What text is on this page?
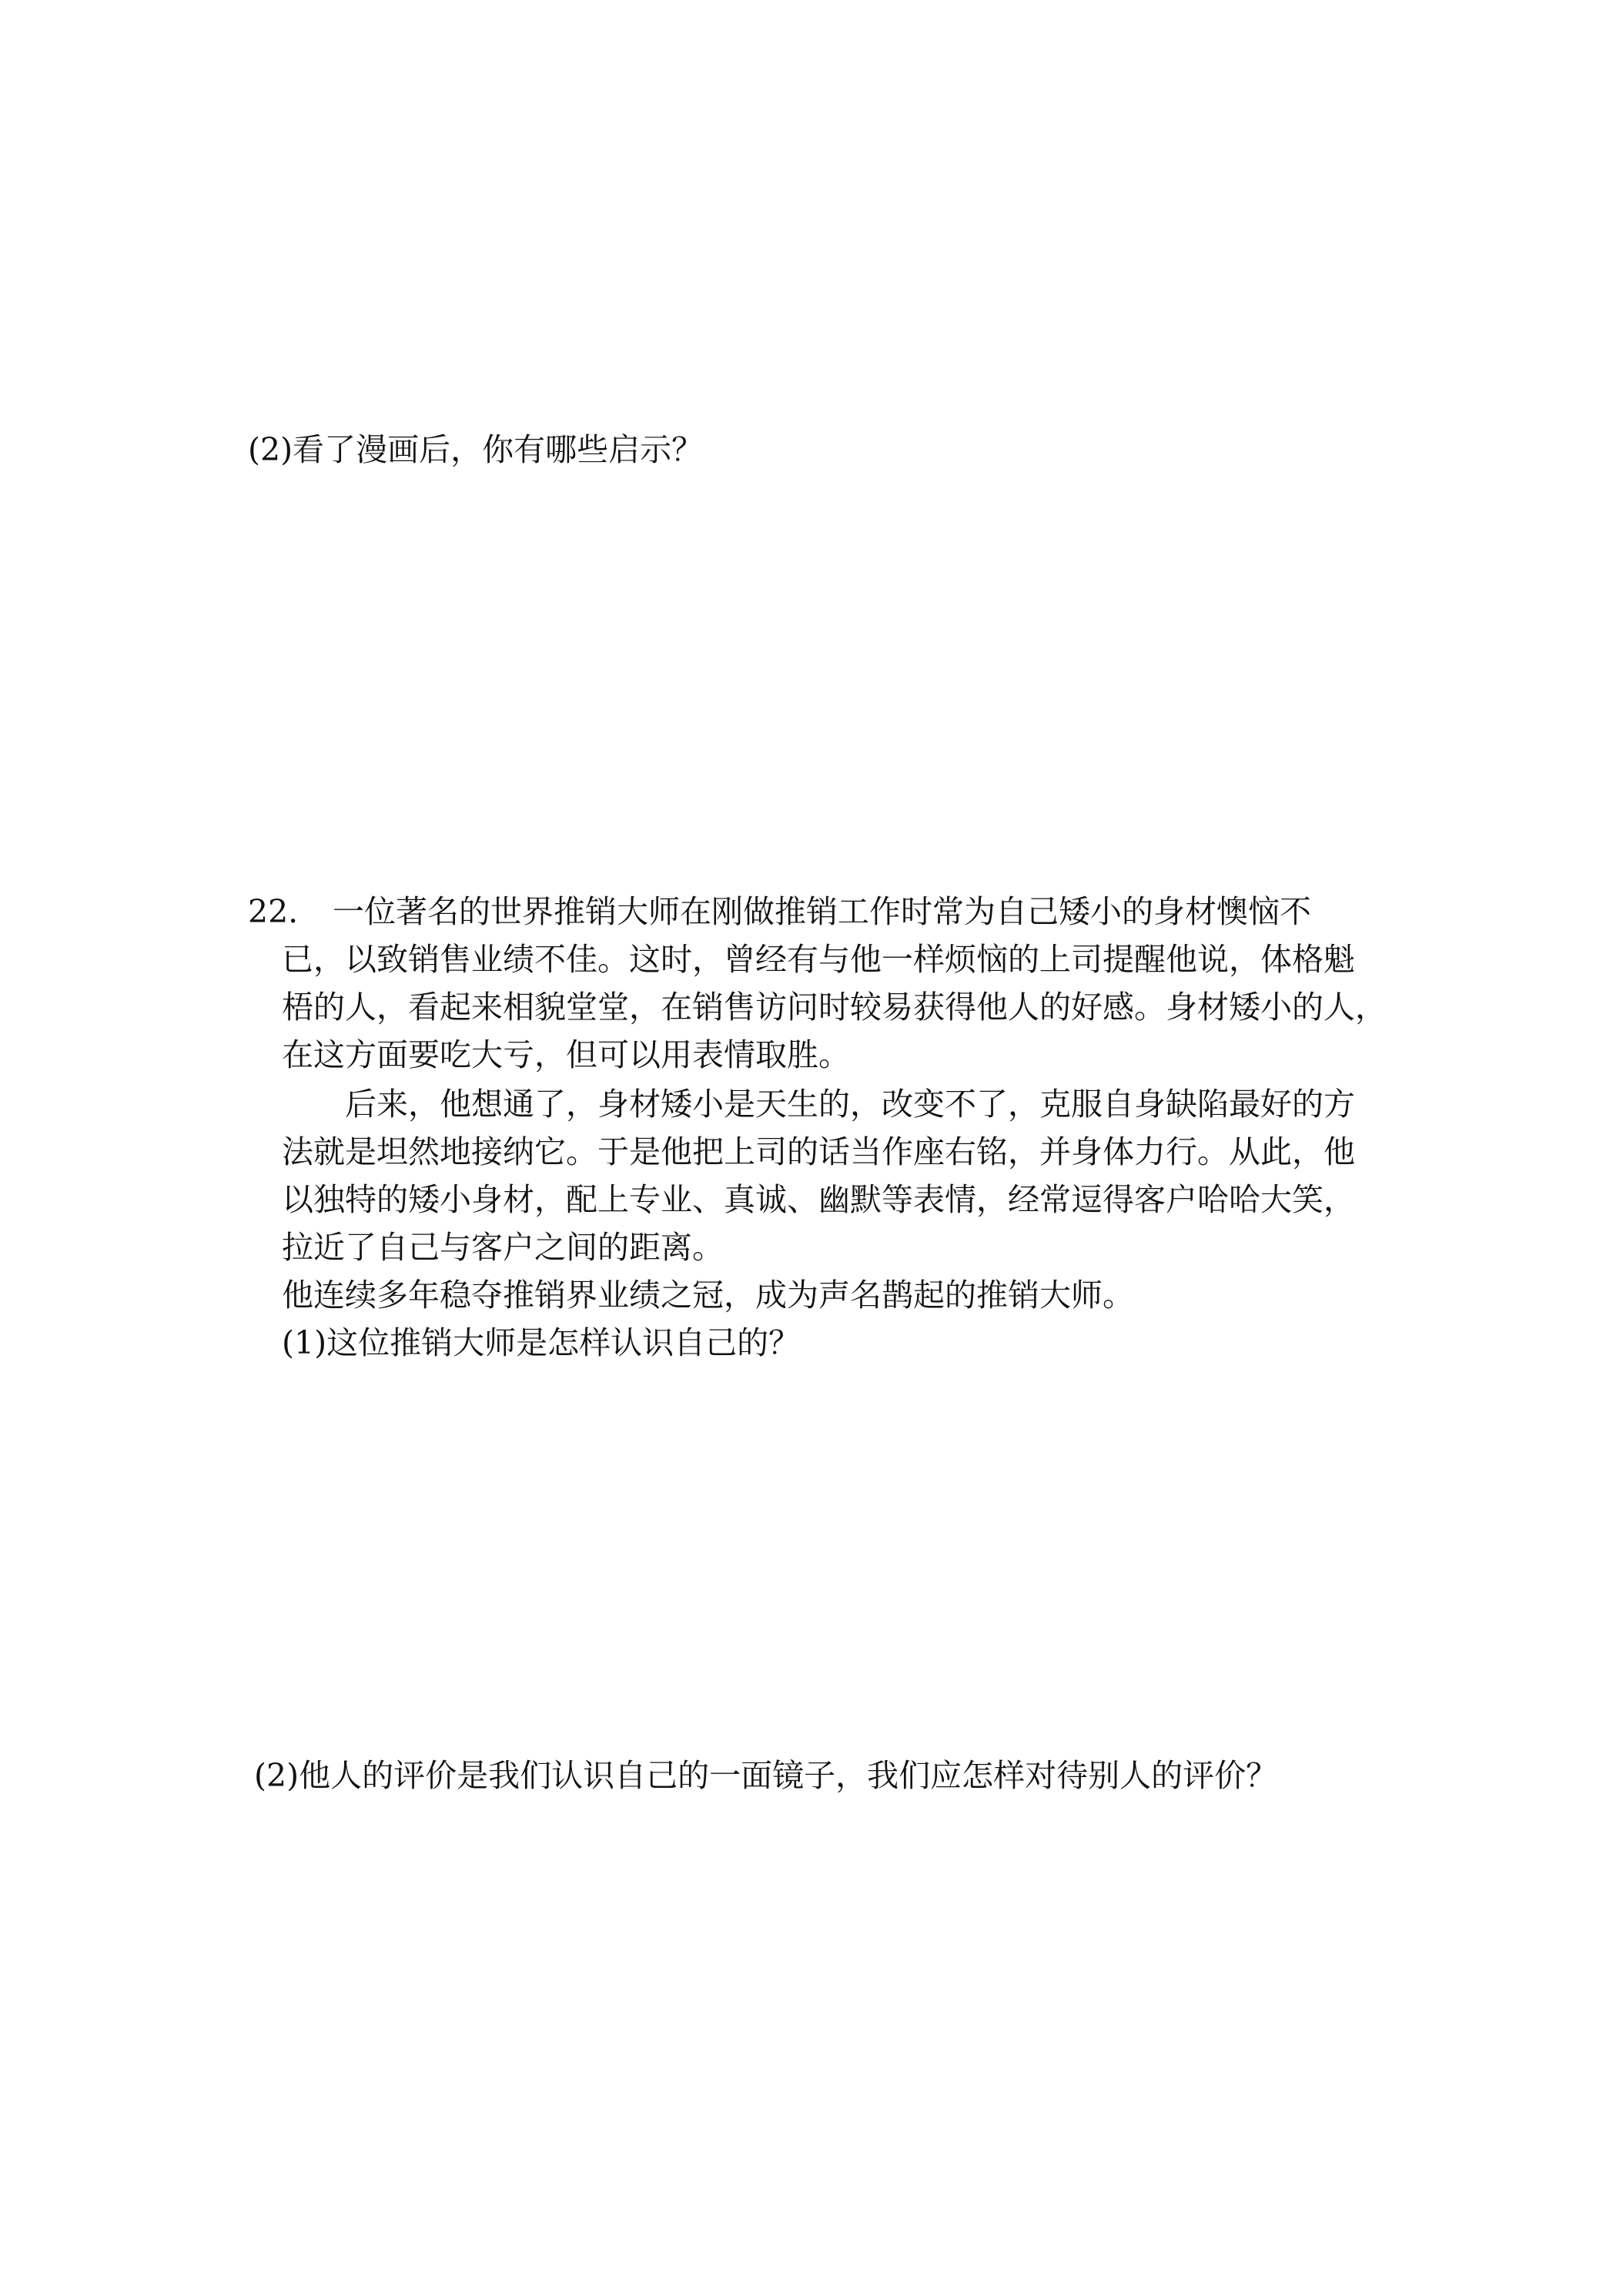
(2)看了漫画后，你有哪些启示？
22. 一位著名的世界推销大师在刚做推销工作时常为自己矮小的身材懊恼不
已，以致销售业绩不佳。这时，曾经有与他一样烦恼的上司提醒他说，体格魁
梧的人，看起来相貌堂堂，在销售访问时较易获得他人的好感。身材矮小的人，
在这方面要吃大亏，但可以用表情取胜。
后来，他想通了，身材矮小是天生的，改变不了，克服自身缺陷最好的方
法就是坦然地接纳它。于是他把上司的话当作座右铭，并身体力行。从此，他
以独特的矮小身材，配上专业、真诚、幽默等表情，经常逗得客户哈哈大笑，
拉近了自己与客户之间的距离。
他连续多年稳夺推销界业绩之冠，成为声名鹊起的推销大师。
(1)这位推销大师是怎样认识自己的？
(2)他人的评价是我们认识自己的一面镜子，我们应怎样对待别人的评价？
